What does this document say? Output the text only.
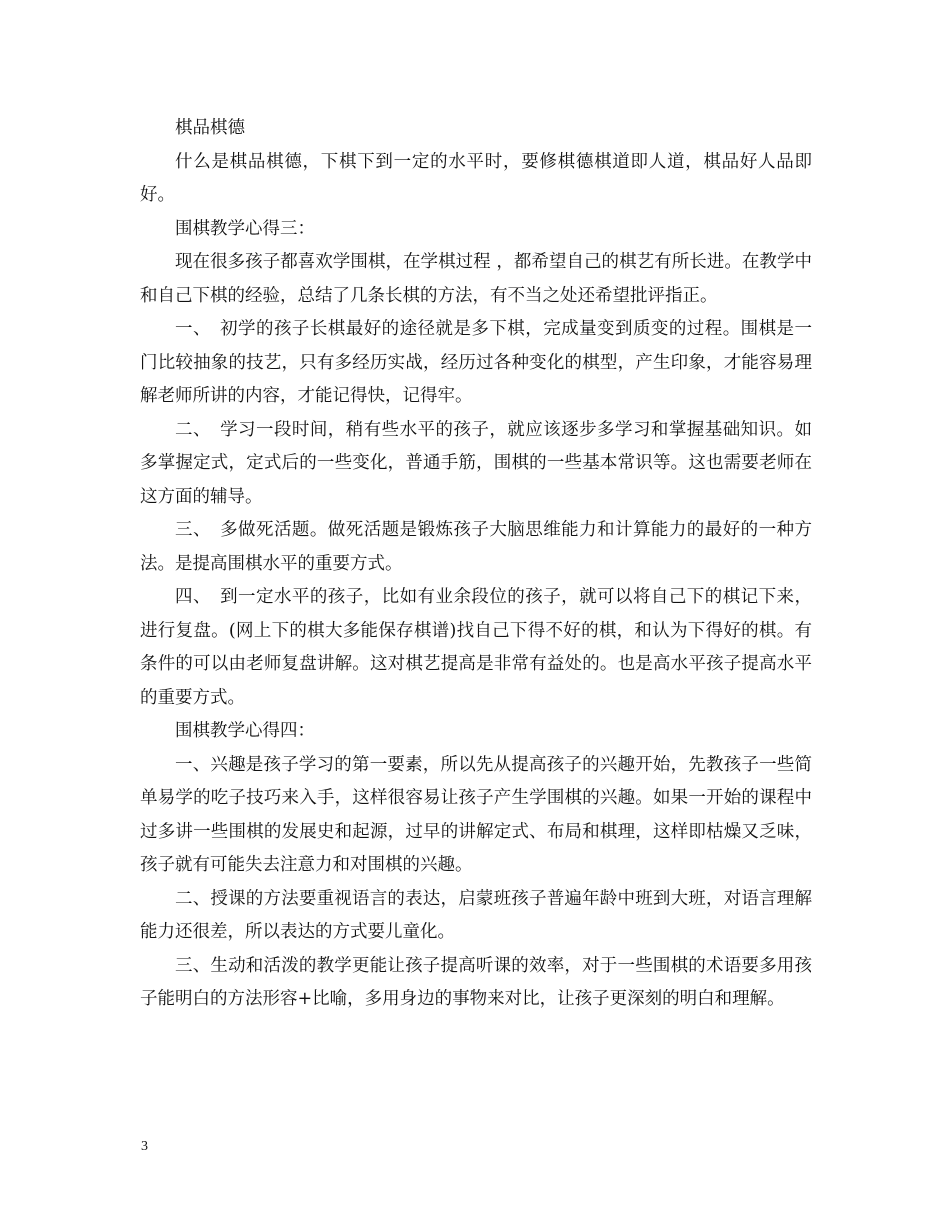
棋品棋德

什么是棋品棋德，下棋下到一定的水平时，要修棋德棋道即人道，棋品好人品即好。

围棋教学心得三：

现在很多孩子都喜欢学围棋，在学棋过程 ，都希望自己的棋艺有所长进。在教学中和自己下棋的经验，总结了几条长棋的方法，有不当之处还希望批评指正。

一、　初学的孩子长棋最好的途径就是多下棋，完成量变到质变的过程。围棋是一门比较抽象的技艺，只有多经历实战，经历过各种变化的棋型，产生印象，才能容易理解老师所讲的内容，才能记得快，记得牢。

二、　学习一段时间，稍有些水平的孩子，就应该逐步多学习和掌握基础知识。如多掌握定式，定式后的一些变化，普通手筋，围棋的一些基本常识等。这也需要老师在这方面的辅导。

三、　多做死活题。做死活题是锻炼孩子大脑思维能力和计算能力的最好的一种方法。是提高围棋水平的重要方式。

四、　到一定水平的孩子，比如有业余段位的孩子，就可以将自己下的棋记下来，进行复盘。(网上下的棋大多能保存棋谱)找自己下得不好的棋，和认为下得好的棋。有条件的可以由老师复盘讲解。这对棋艺提高是非常有益处的。也是高水平孩子提高水平的重要方式。

围棋教学心得四：

一、兴趣是孩子学习的第一要素，所以先从提高孩子的兴趣开始，先教孩子一些简单易学的吃子技巧来入手，这样很容易让孩子产生学围棋的兴趣。如果一开始的课程中过多讲一些围棋的发展史和起源，过早的讲解定式、布局和棋理，这样即枯燥又乏味，孩子就有可能失去注意力和对围棋的兴趣。

二、授课的方法要重视语言的表达，启蒙班孩子普遍年龄中班到大班，对语言理解能力还很差，所以表达的方式要儿童化。

三、生动和活泼的教学更能让孩子提高听课的效率，对于一些围棋的术语要多用孩子能明白的方法形容+比喻，多用身边的事物来对比，让孩子更深刻的明白和理解。

3
